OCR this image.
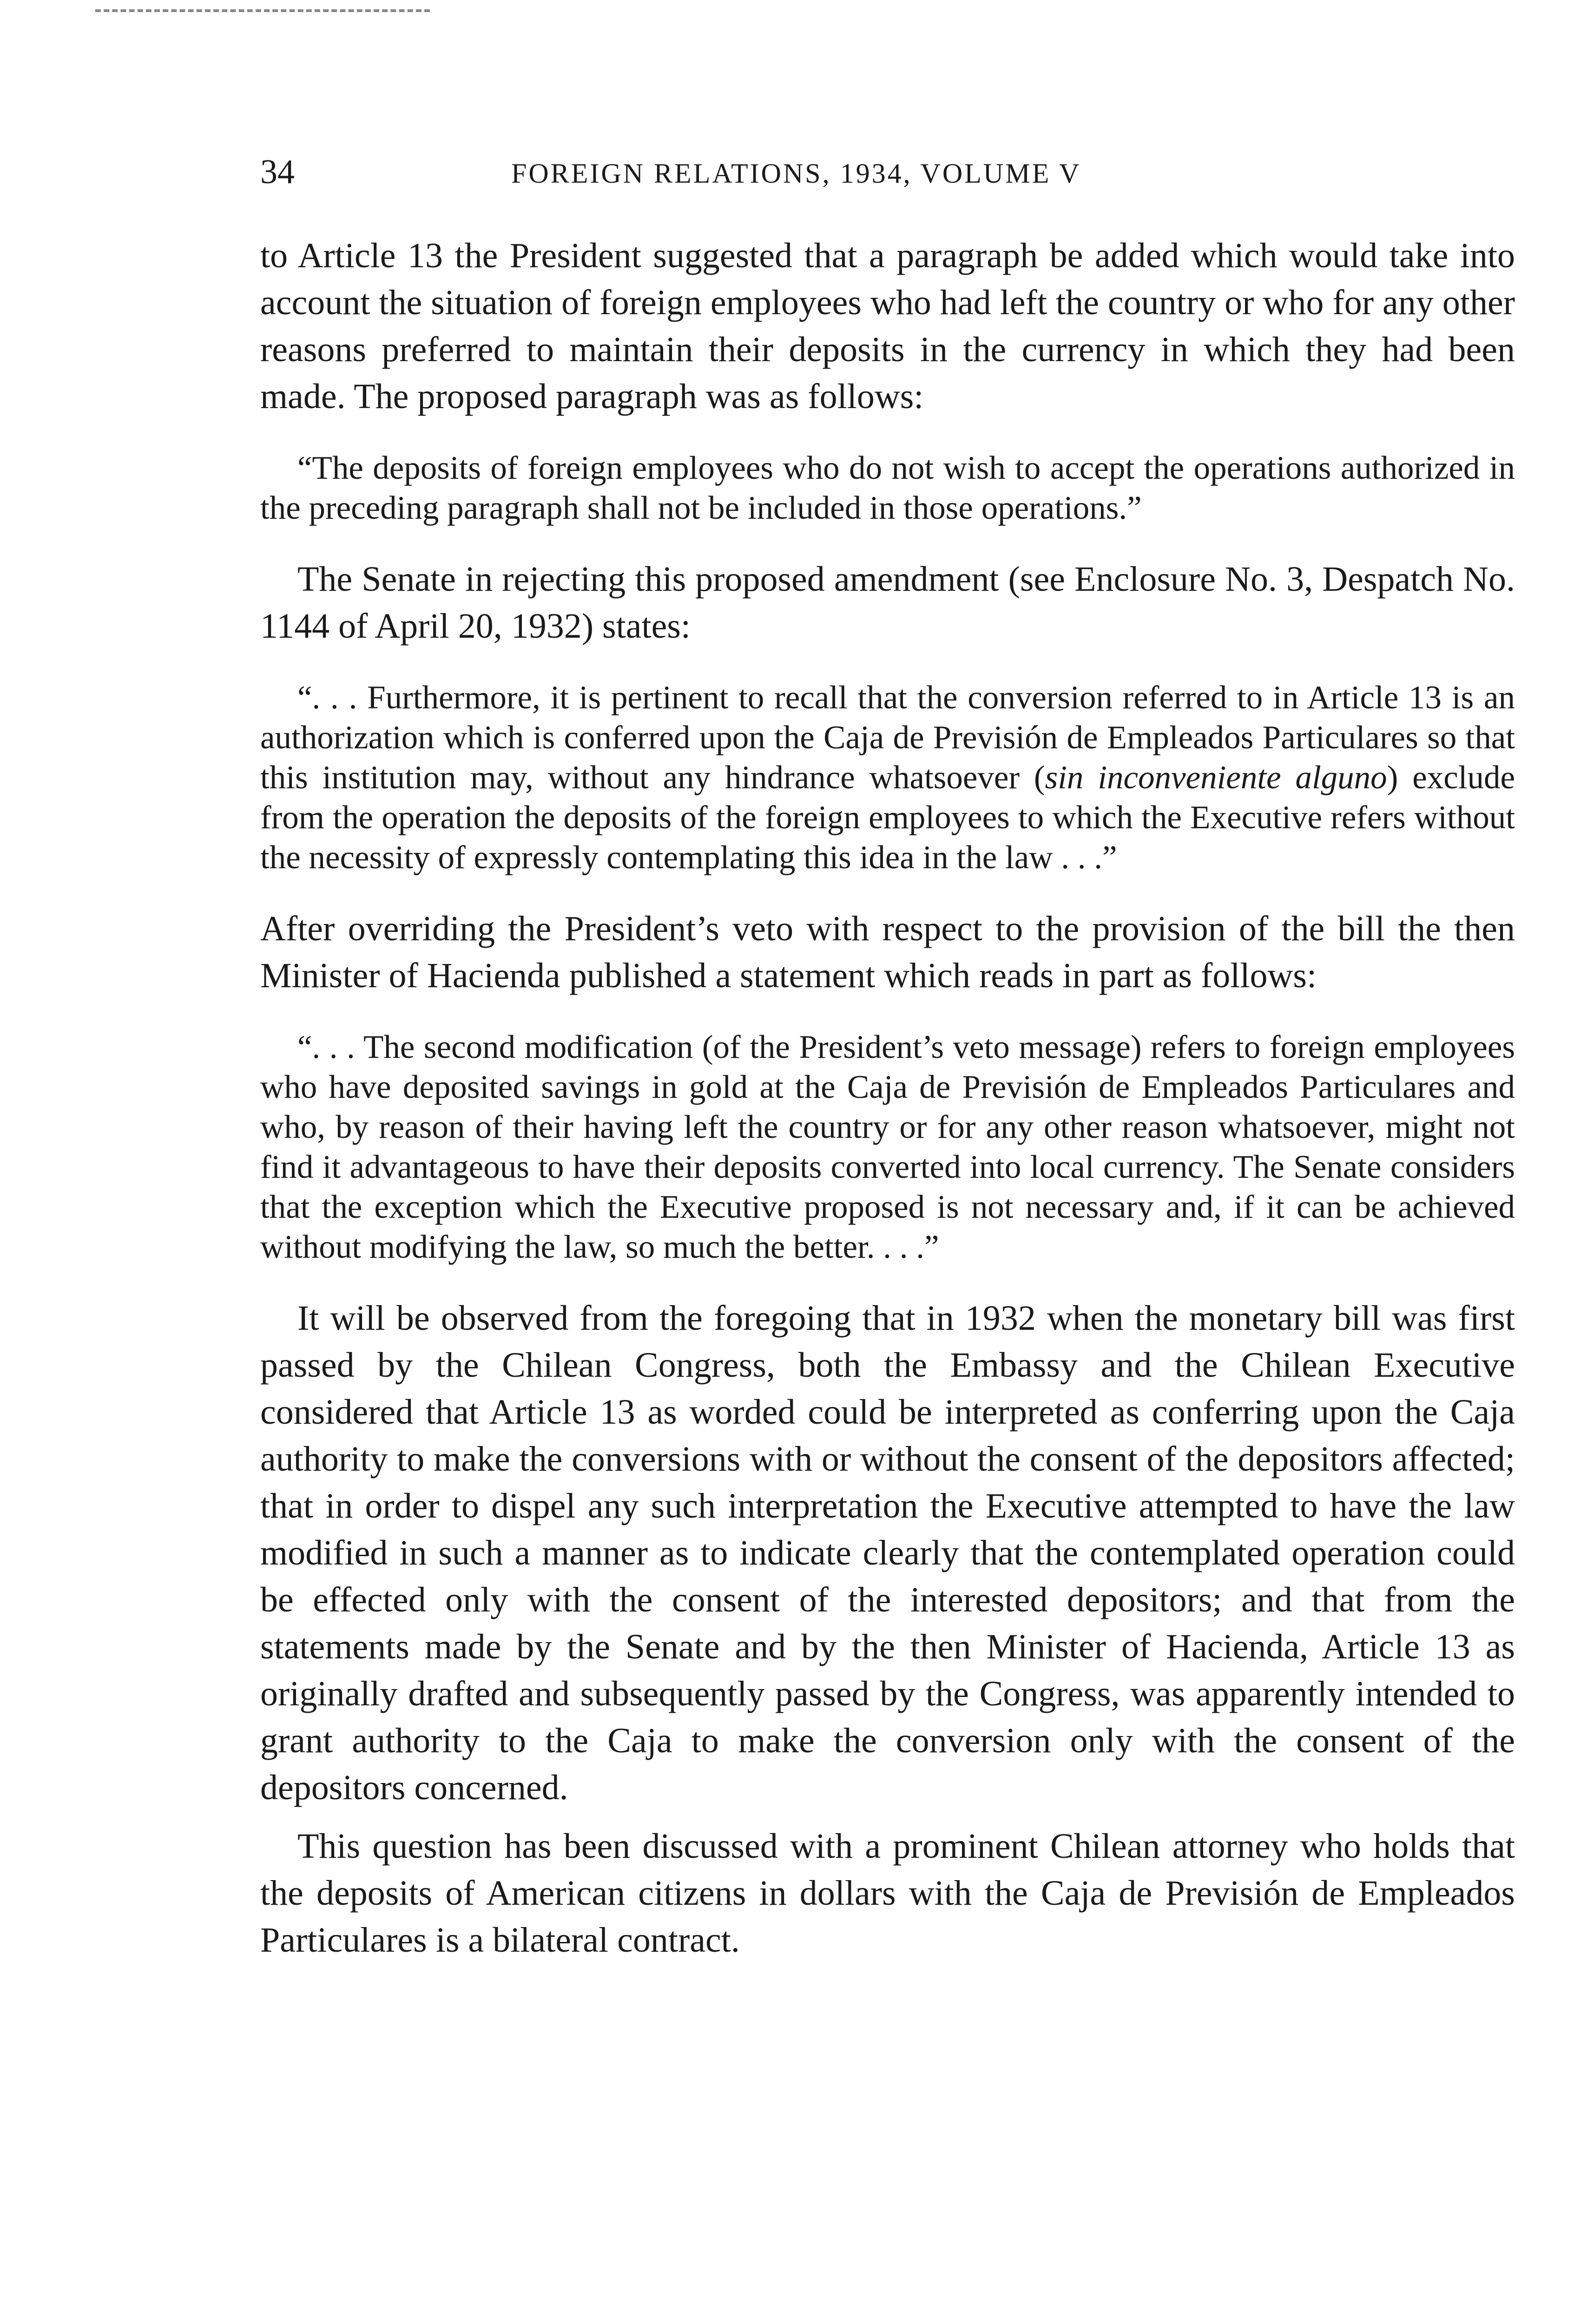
34	FOREIGN RELATIONS, 1934, VOLUME V

to Article 13 the President suggested that a paragraph be added which would take into account the situation of foreign employees who had left the country or who for any other reasons preferred to maintain their deposits in the currency in which they had been made. The proposed paragraph was as follows:

“The deposits of foreign employees who do not wish to accept the operations authorized in the preceding paragraph shall not be included in those operations.”

The Senate in rejecting this proposed amendment (see Enclosure No. 3, Despatch No. 1144 of April 20, 1932) states:

“. . . Furthermore, it is pertinent to recall that the conversion referred to in Article 13 is an authorization which is conferred upon the Caja de Previsión de Empleados Particulares so that this institution may, without any hindrance whatsoever (sin inconveniente alguno) exclude from the operation the deposits of the foreign employees to which the Executive refers without the necessity of expressly contemplating this idea in the law . . .”

After overriding the President’s veto with respect to the provision of the bill the then Minister of Hacienda published a statement which reads in part as follows:

“. . . The second modification (of the President’s veto message) refers to foreign employees who have deposited savings in gold at the Caja de Previsión de Empleados Particulares and who, by reason of their having left the country or for any other reason whatsoever, might not find it advantageous to have their deposits converted into local currency. The Senate considers that the exception which the Executive proposed is not necessary and, if it can be achieved without modifying the law, so much the better. . . .”

It will be observed from the foregoing that in 1932 when the monetary bill was first passed by the Chilean Congress, both the Embassy and the Chilean Executive considered that Article 13 as worded could be interpreted as conferring upon the Caja authority to make the conversions with or without the consent of the depositors affected; that in order to dispel any such interpretation the Executive attempted to have the law modified in such a manner as to indicate clearly that the contemplated operation could be effected only with the consent of the interested depositors; and that from the statements made by the Senate and by the then Minister of Hacienda, Article 13 as originally drafted and subsequently passed by the Congress, was apparently intended to grant authority to the Caja to make the conversion only with the consent of the depositors concerned.

This question has been discussed with a prominent Chilean attorney who holds that the deposits of American citizens in dollars with the Caja de Previsión de Empleados Particulares is a bilateral contract.
